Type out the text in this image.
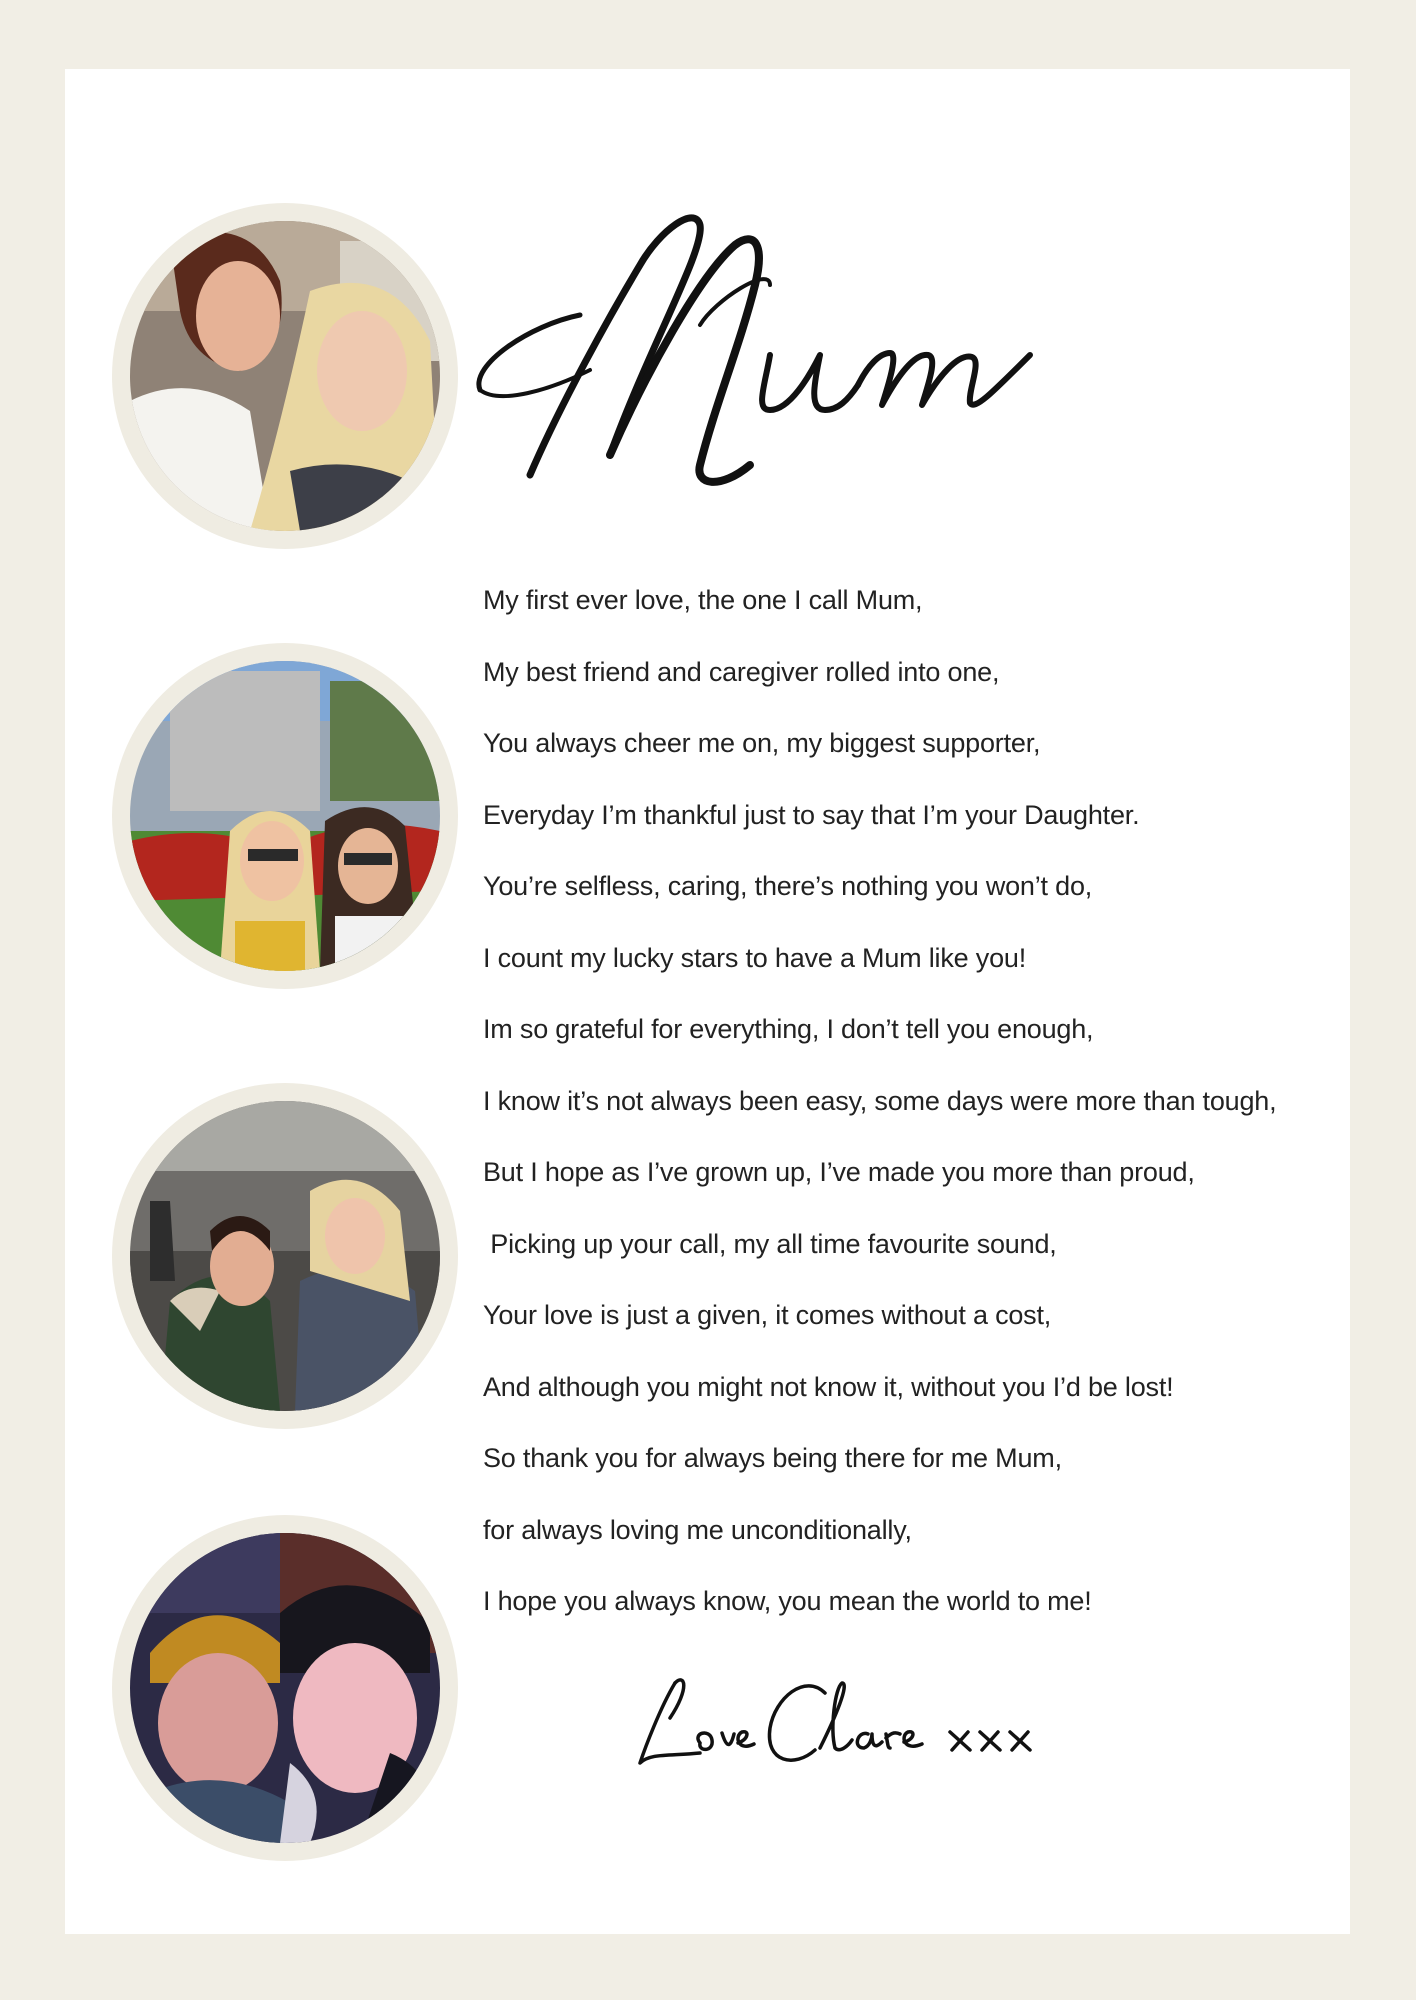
My first ever love, the one I call Mum,
My best friend and caregiver rolled into one,
You always cheer me on, my biggest supporter,
Everyday I’m thankful just to say that I’m your Daughter.
You’re selfless, caring, there’s nothing you won’t do,
I count my lucky stars to have a Mum like you!
Im so grateful for everything, I don’t tell you enough,
I know it’s not always been easy, some days were more than tough,
But I hope as I’ve grown up, I’ve made you more than proud,
Picking up your call, my all time favourite sound,
Your love is just a given, it comes without a cost,
And although you might not know it, without you I’d be lost!
So thank you for always being there for me Mum,
for always loving me unconditionally,
I hope you always know, you mean the world to me!
